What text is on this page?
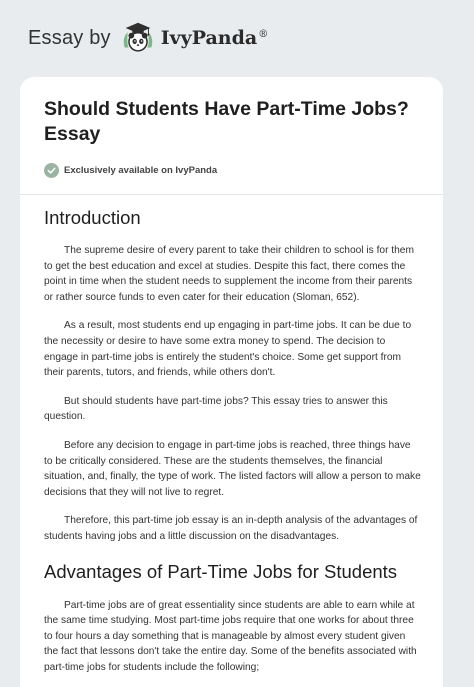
Essay by	IvyPanda®
Should Students Have Part-Time Jobs?
Essay
Exclusively available on IvyPanda
Introduction

The supreme desire of every parent to take their children to school is for them to get the best education and excel at studies. Despite this fact, there comes the point in time when the student needs to supplement the income from their parents or rather source funds to even cater for their education (Sloman, 652).

As a result, most students end up engaging in part-time jobs. It can be due to the necessity or desire to have some extra money to spend. The decision to engage in part-time jobs is entirely the student's choice. Some get support from their parents, tutors, and friends, while others don't.

But should students have part-time jobs? This essay tries to answer this question.

Before any decision to engage in part-time jobs is reached, three things have to be critically considered. These are the students themselves, the financial situation, and, finally, the type of work. The listed factors will allow a person to make decisions that they will not live to regret.

Therefore, this part-time job essay is an in-depth analysis of the advantages of students having jobs and a little discussion on the disadvantages.

Advantages of Part-Time Jobs for Students

Part-time jobs are of great essentiality since students are able to earn while at the same time studying. Most part-time jobs require that one works for about three to four hours a day something that is manageable by almost every student given the fact that lessons don't take the entire day. Some of the benefits associated with part-time jobs for students include the following;
